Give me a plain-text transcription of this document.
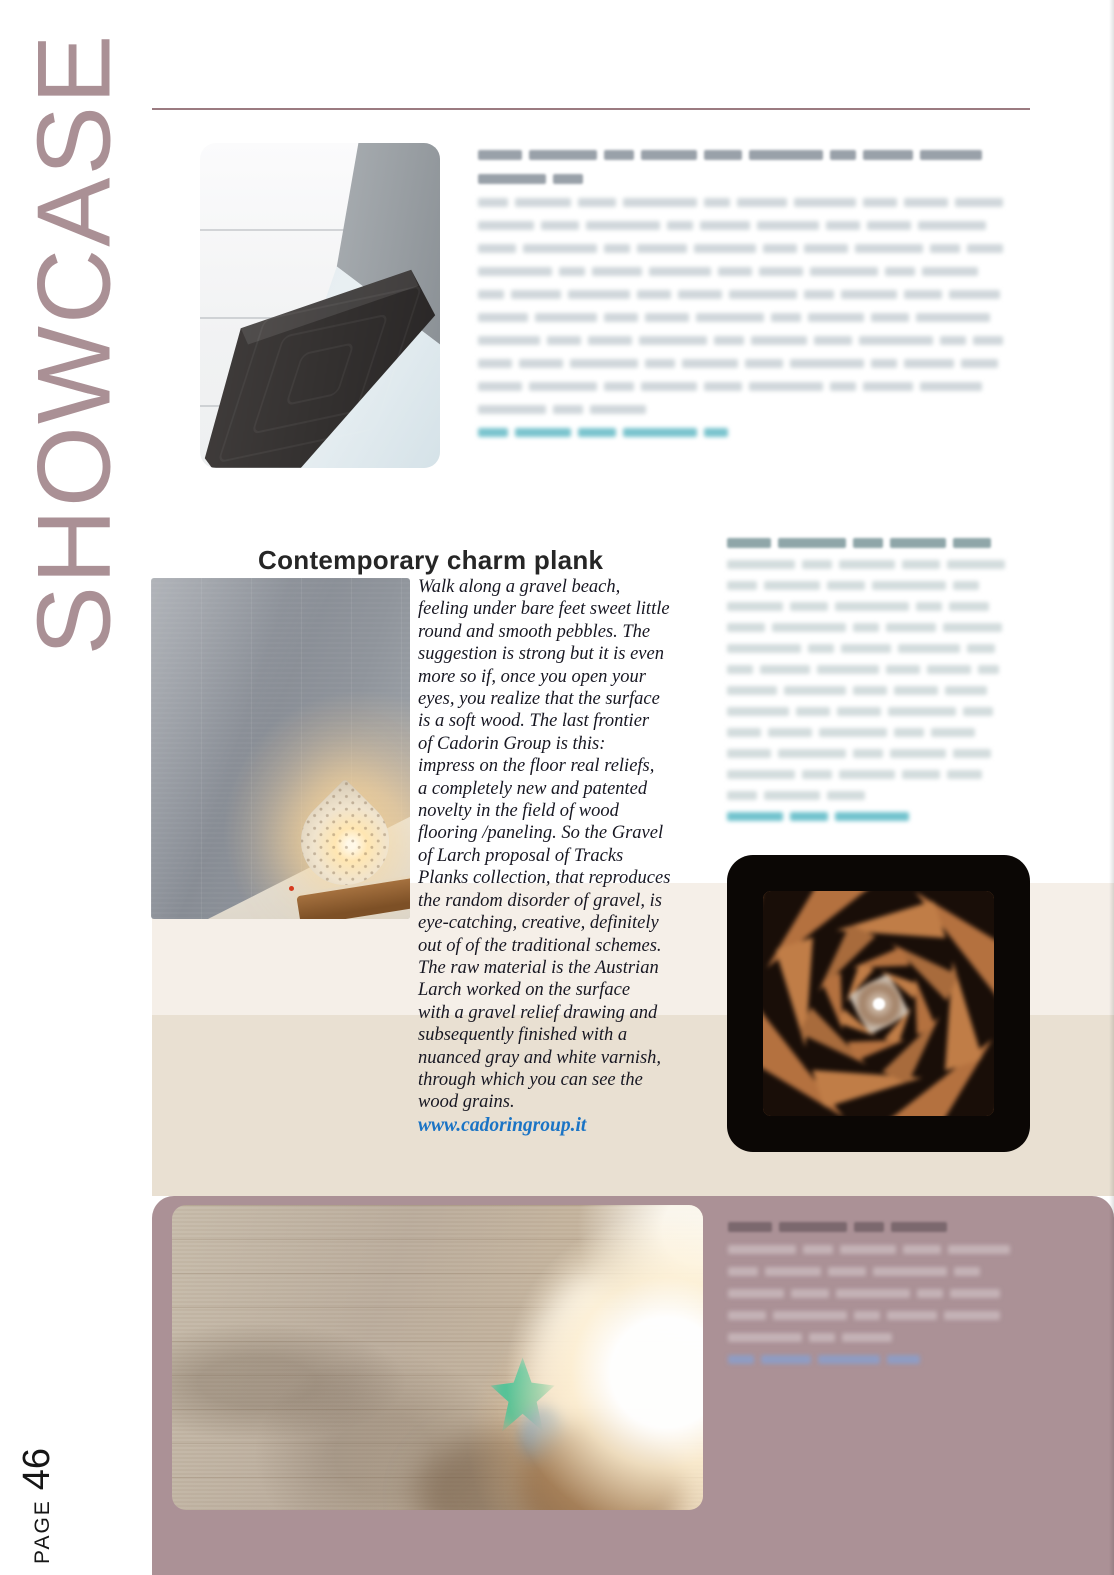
SHOWCASE
PAGE
46
Contemporary charm plank
Walk along a gravel beach,
feeling under bare feet sweet little
round and smooth pebbles. The
suggestion is strong but it is even
more so if, once you open your
eyes, you realize that the surface
is a soft wood. The last frontier
of Cadorin Group is this:
impress on the floor real reliefs,
a completely new and patented
novelty in the field of wood
flooring /paneling. So the Gravel
of Larch proposal of Tracks
Planks collection, that reproduces
the random disorder of gravel, is
eye-catching, creative, definitely
out of of the traditional schemes.
The raw material is the Austrian
Larch worked on the surface
with a gravel relief drawing and
subsequently finished with a
nuanced gray and white varnish,
through which you can see the
wood grains.
www.cadoringroup.it
